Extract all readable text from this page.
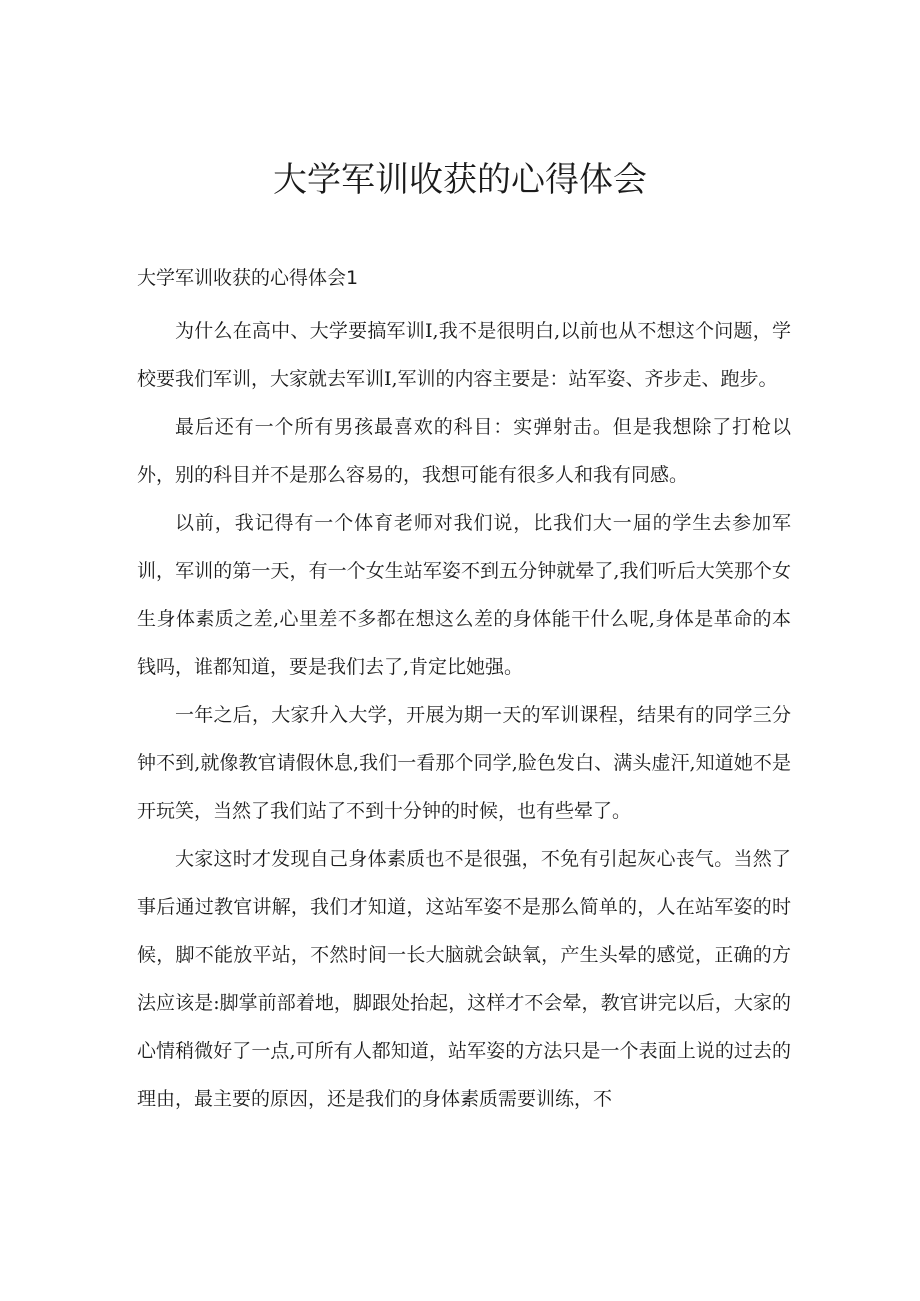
大学军训收获的心得体会
大学军训收获的心得体会1

为什么在高中、大学要搞军训I,我不是很明白,以前也从不想这个问题，学校要我们军训，大家就去军训I,军训的内容主要是：站军姿、齐步走、跑步。

最后还有一个所有男孩最喜欢的科目：实弹射击。但是我想除了打枪以外，别的科目并不是那么容易的，我想可能有很多人和我有同感。

以前，我记得有一个体育老师对我们说，比我们大一届的学生去参加军训，军训的第一天，有一个女生站军姿不到五分钟就晕了,我们听后大笑那个女生身体素质之差,心里差不多都在想这么差的身体能干什么呢,身体是革命的本钱吗，谁都知道，要是我们去了,肯定比她强。

一年之后，大家升入大学，开展为期一天的军训课程，结果有的同学三分钟不到,就像教官请假休息,我们一看那个同学,脸色发白、满头虚汗,知道她不是开玩笑，当然了我们站了不到十分钟的时候，也有些晕了。

大家这时才发现自己身体素质也不是很强，不免有引起灰心丧气。当然了事后通过教官讲解，我们才知道，这站军姿不是那么简单的，人在站军姿的时候，脚不能放平站，不然时间一长大脑就会缺氧，产生头晕的感觉，正确的方法应该是:脚掌前部着地，脚跟处抬起，这样才不会晕，教官讲完以后，大家的心情稍微好了一点,可所有人都知道，站军姿的方法只是一个表面上说的过去的理由，最主要的原因，还是我们的身体素质需要训练，不
